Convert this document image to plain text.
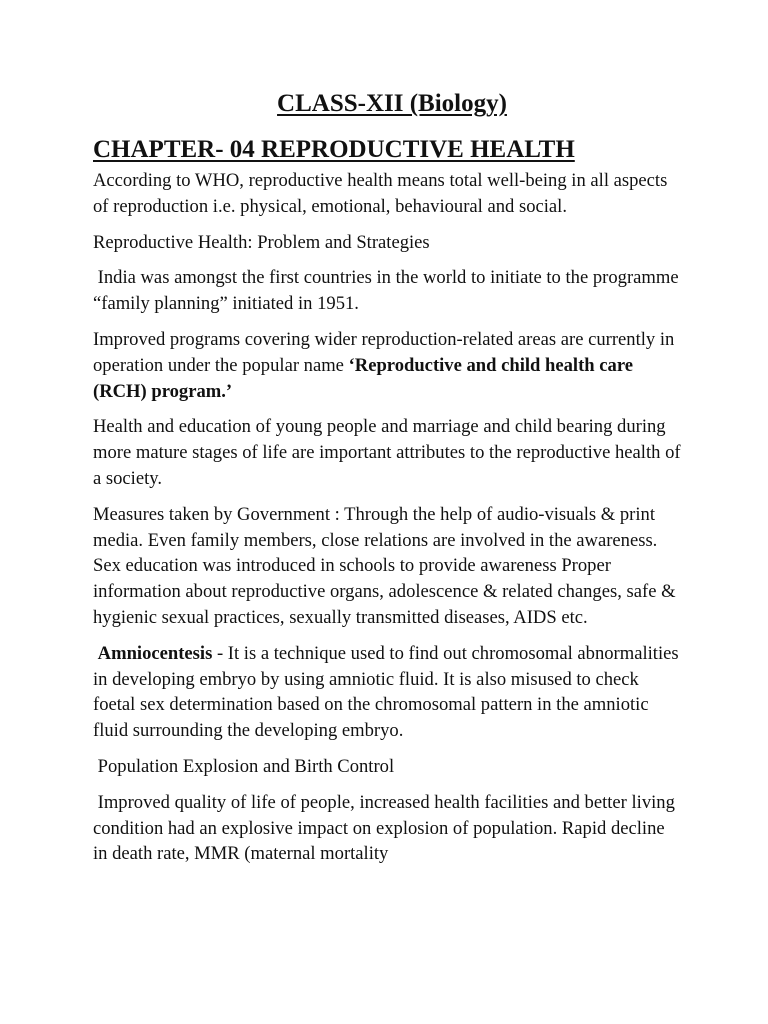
CLASS-XII (Biology)
CHAPTER- 04 REPRODUCTIVE HEALTH

According to WHO, reproductive health means total well-being in all aspects of reproduction i.e. physical, emotional, behavioural and social.

Reproductive Health: Problem and Strategies

India was amongst the first countries in the world to initiate to the programme “family planning” initiated in 1951.

Improved programs covering wider reproduction-related areas are currently in operation under the popular name ‘Reproductive and child health care (RCH) program.’

Health and education of young people and marriage and child bearing during more mature stages of life are important attributes to the reproductive health of a society.

Measures taken by Government : Through the help of audio-visuals & print media. Even family members, close relations are involved in the awareness. Sex education was introduced in schools to provide awareness Proper information about reproductive organs, adolescence & related changes, safe & hygienic sexual practices, sexually transmitted diseases, AIDS etc.

Amniocentesis - It is a technique used to find out chromosomal abnormalities in developing embryo by using amniotic fluid. It is also misused to check foetal sex determination based on the chromosomal pattern in the amniotic fluid surrounding the developing embryo.

Population Explosion and Birth Control

Improved quality of life of people, increased health facilities and better living condition had an explosive impact on explosion of population. Rapid decline in death rate, MMR (maternal mortality
